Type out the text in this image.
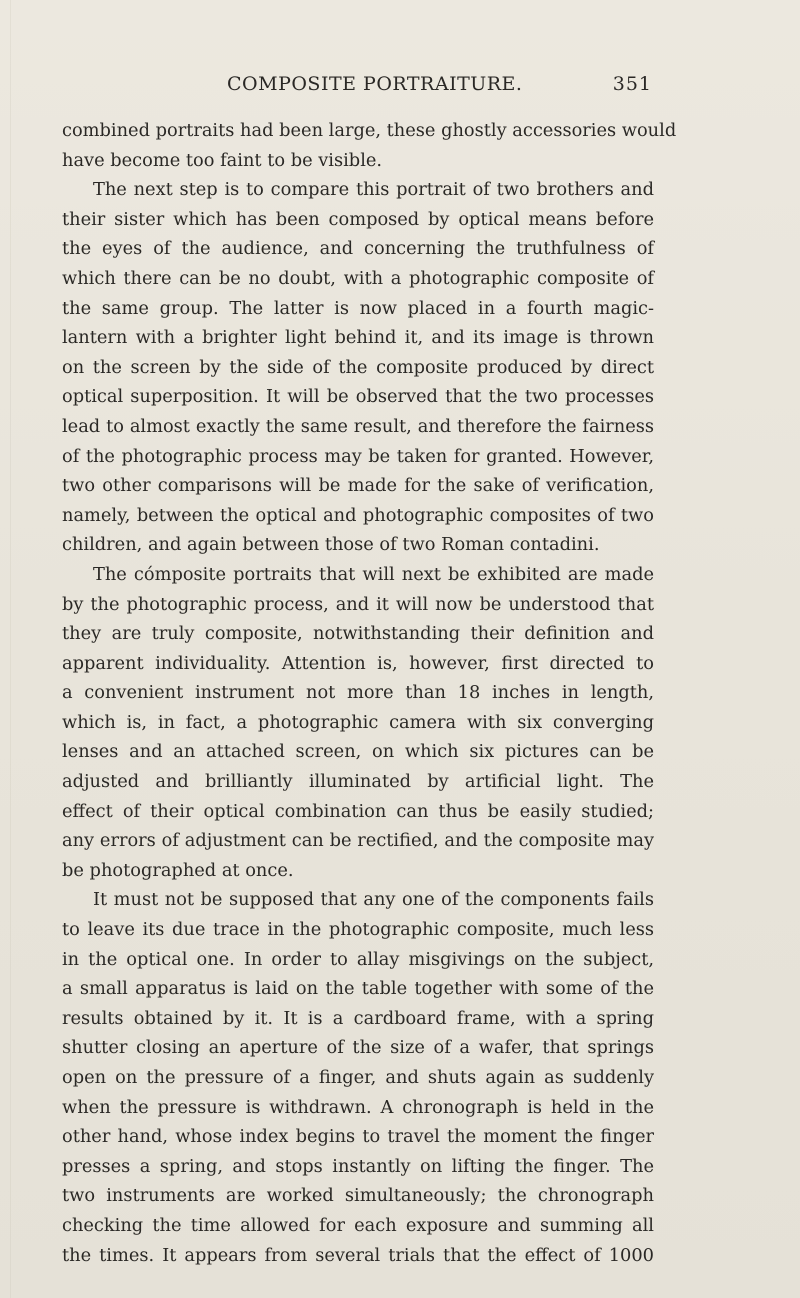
COMPOSITE PORTRAITURE.	351
combined portraits had been large, these ghostly accessories would
have become too faint to be visible.
The next step is to compare this portrait of two brothers and
their sister which has been composed by optical means before
the eyes of the audience, and concerning the truthfulness of
which there can be no doubt, with a photographic composite of
the same group. The latter is now placed in a fourth magic-
lantern with a brighter light behind it, and its image is thrown
on the screen by the side of the composite produced by direct
optical superposition. It will be observed that the two processes
lead to almost exactly the same result, and therefore the fairness
of the photographic process may be taken for granted. However,
two other comparisons will be made for the sake of verification,
namely, between the optical and photographic composites of two
children, and again between those of two Roman contadini.
The cómposite portraits that will next be exhibited are made
by the photographic process, and it will now be understood that
they are truly composite, notwithstanding their definition and
apparent individuality. Attention is, however, first directed to
a convenient instrument not more than 18 inches in length,
which is, in fact, a photographic camera with six converging
lenses and an attached screen, on which six pictures can be
adjusted and brilliantly illuminated by artificial light. The
effect of their optical combination can thus be easily studied;
any errors of adjustment can be rectified, and the composite may
be photographed at once.
It must not be supposed that any one of the components fails
to leave its due trace in the photographic composite, much less
in the optical one. In order to allay misgivings on the subject,
a small apparatus is laid on the table together with some of the
results obtained by it. It is a cardboard frame, with a spring
shutter closing an aperture of the size of a wafer, that springs
open on the pressure of a finger, and shuts again as suddenly
when the pressure is withdrawn. A chronograph is held in the
other hand, whose index begins to travel the moment the finger
presses a spring, and stops instantly on lifting the finger. The
two instruments are worked simultaneously; the chronograph
checking the time allowed for each exposure and summing all
the times. It appears from several trials that the effect of 1000
